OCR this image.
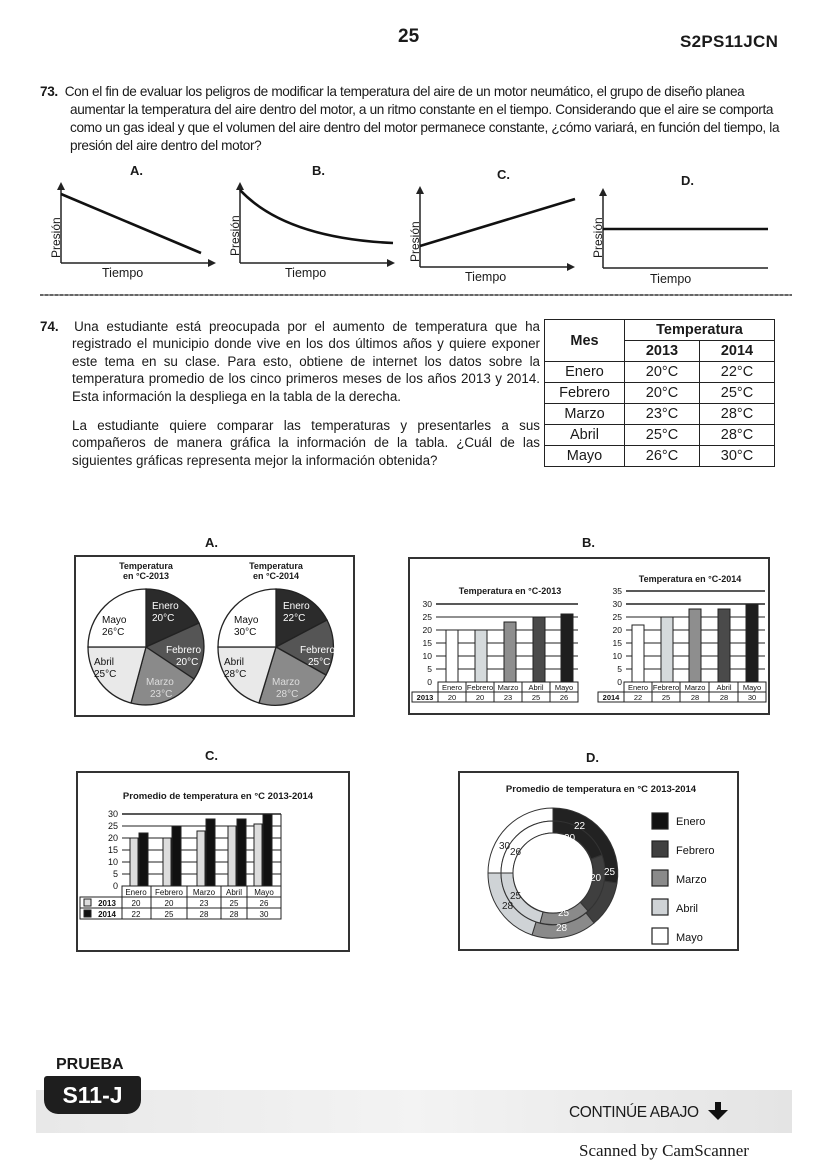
25	S2PS11JCN
73. Con el fin de evaluar los peligros de modificar la temperatura del aire de un motor neumático, el grupo de diseño planea aumentar la temperatura del aire dentro del motor, a un ritmo constante en el tiempo. Considerando que el aire se comporta como un gas ideal y que el volumen del aire dentro del motor permanece constante, ¿cómo variará, en función del tiempo, la presión del aire dentro del motor?
A.	B.	C.	D.
Presión
Tiempo
Presión
Tiempo
Presión
Tiempo
Presión
Tiempo
74. Una estudiante está preocupada por el aumento de temperatura que ha registrado el municipio donde vive en los dos últimos años y quiere exponer este tema en su clase. Para esto, obtiene de internet los datos sobre la temperatura promedio de los cinco primeros meses de los años 2013 y 2014. Esta información la despliega en la tabla de la derecha.
La estudiante quiere comparar las temperaturas y presentarles a sus compañeros de manera gráfica la información de la tabla. ¿Cuál de las siguientes gráficas representa mejor la información obtenida?
Mes	Temperatura	
	2013	2014
Enero	20°C	22°C
Febrero	20°C	25°C
Marzo	23°C	28°C
Abril	25°C	28°C
Mayo	26°C	30°C
A.
Temperatura
en °C-2013
Temperatura
en °C-2014
Enero
20°C
Febrero
20°C
Marzo
23°C
Abril
25°C
Mayo
26°C
Enero
22°C
Febrero
25°C
Marzo
28°C
Abril
28°C
Mayo
30°C
B.
Temperatura en °C-2013
Temperatura en °C-2014
30
25
20
15
10
5
0
Enero Febrero Marzo Abril Mayo
2013 20	20	23	25	26
35
30
25
20
15
10
5
0
Enero Febrero Marzo Abril Mayo
2014 22	25	28	28	30
C.
Promedio de temperatura en °C 2013-2014
30
25
20
15
10
5
0
Enero Febrero Marzo Abril Mayo
2013
2014
20	20	23	25	26
22	25	28	28	30
D.
Promedio de temperatura en °C 2013-2014
22
20
25
20
25
28
30
26
25
28
Enero
Febrero
Marzo
Abril
Mayo
PRUEBA
S11-J
CONTINÚE ABAJO
Scanned by CamScanner
